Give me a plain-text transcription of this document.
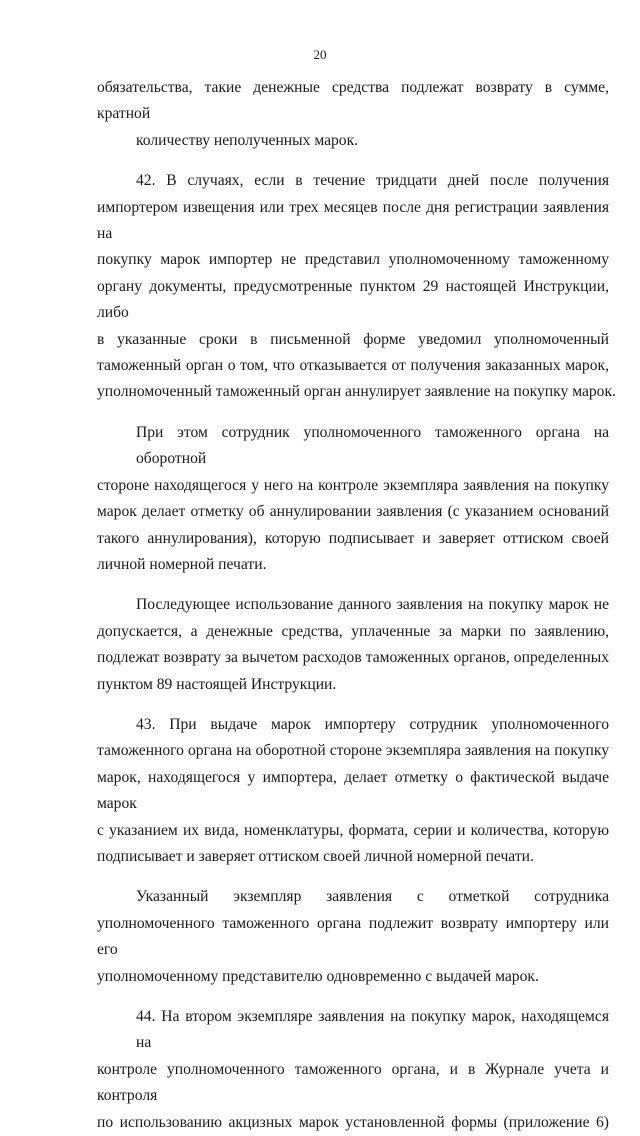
20
обязательства, такие денежные средства подлежат возврату в сумме, кратной
количеству неполученных марок.
42. В случаях, если в течение тридцати дней после получения
импортером извещения или трех месяцев после дня регистрации заявления на
покупку марок импортер не представил уполномоченному таможенному
органу документы, предусмотренные пунктом 29 настоящей Инструкции, либо
в указанные сроки в письменной форме уведомил уполномоченный
таможенный орган о том, что отказывается от получения заказанных марок,
уполномоченный таможенный орган аннулирует заявление на покупку марок.
При этом сотрудник уполномоченного таможенного органа на оборотной
стороне находящегося у него на контроле экземпляра заявления на покупку
марок делает отметку об аннулировании заявления (с указанием оснований
такого аннулирования), которую подписывает и заверяет оттиском своей
личной номерной печати.
Последующее использование данного заявления на покупку марок не
допускается, а денежные средства, уплаченные за марки по заявлению,
подлежат возврату за вычетом расходов таможенных органов, определенных
пунктом 89 настоящей Инструкции.
43. При выдаче марок импортеру сотрудник уполномоченного
таможенного органа на оборотной стороне экземпляра заявления на покупку
марок, находящегося у импортера, делает отметку о фактической выдаче марок
с указанием их вида, номенклатуры, формата, серии и количества, которую
подписывает и заверяет оттиском своей личной номерной печати.
Указанный экземпляр заявления с отметкой сотрудника
уполномоченного таможенного органа подлежит возврату импортеру или его
уполномоченному представителю одновременно с выдачей марок.
44. На втором экземпляре заявления на покупку марок, находящемся на
контроле уполномоченного таможенного органа, и в Журнале учета и контроля
по использованию акцизных марок установленной формы (приложение 6)
